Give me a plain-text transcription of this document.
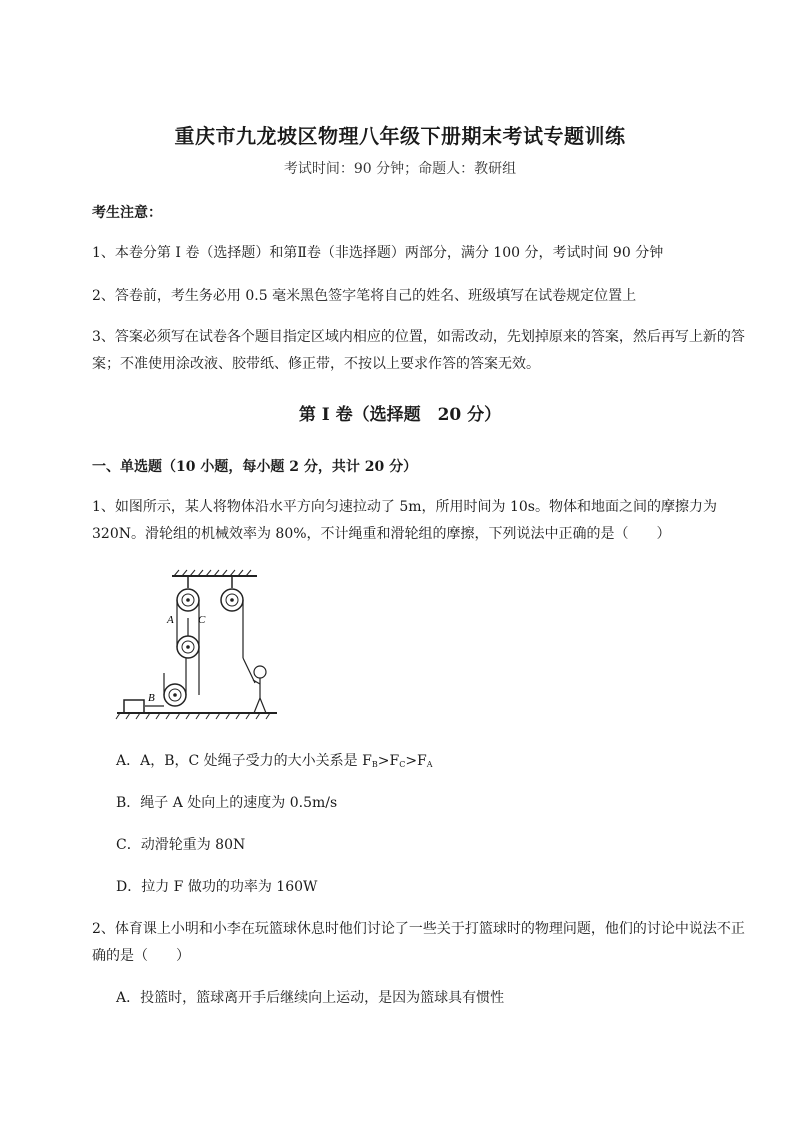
重庆市九龙坡区物理八年级下册期末考试专题训练
考试时间：90 分钟；命题人：教研组
考生注意：
1、本卷分第 I 卷（选择题）和第Ⅱ卷（非选择题）两部分，满分 100 分，考试时间 90 分钟
2、答卷前，考生务必用 0.5 毫米黑色签字笔将自己的姓名、班级填写在试卷规定位置上
3、答案必须写在试卷各个题目指定区域内相应的位置，如需改动，先划掉原来的答案，然后再写上新的答案；不准使用涂改液、胶带纸、修正带，不按以上要求作答的答案无效。
第 I 卷（选择题　20 分）
一、单选题（10 小题，每小题 2 分，共计 20 分）
1、如图所示，某人将物体沿水平方向匀速拉动了 5m，所用时间为 10s。物体和地面之间的摩擦力为 320N。滑轮组的机械效率为 80%，不计绳重和滑轮组的摩擦，下列说法中正确的是（　　）
A C
B
A．A，B，C 处绳子受力的大小关系是 $F_B>F_C>F_A$
B．绳子 A 处向上的速度为 0.5m/s
C．动滑轮重为 80N
D．拉力 F 做功的功率为 160W
2、体育课上小明和小李在玩篮球休息时他们讨论了一些关于打篮球时的物理问题，他们的讨论中说法不正确的是（　　）
A．投篮时，篮球离开手后继续向上运动，是因为篮球具有惯性
